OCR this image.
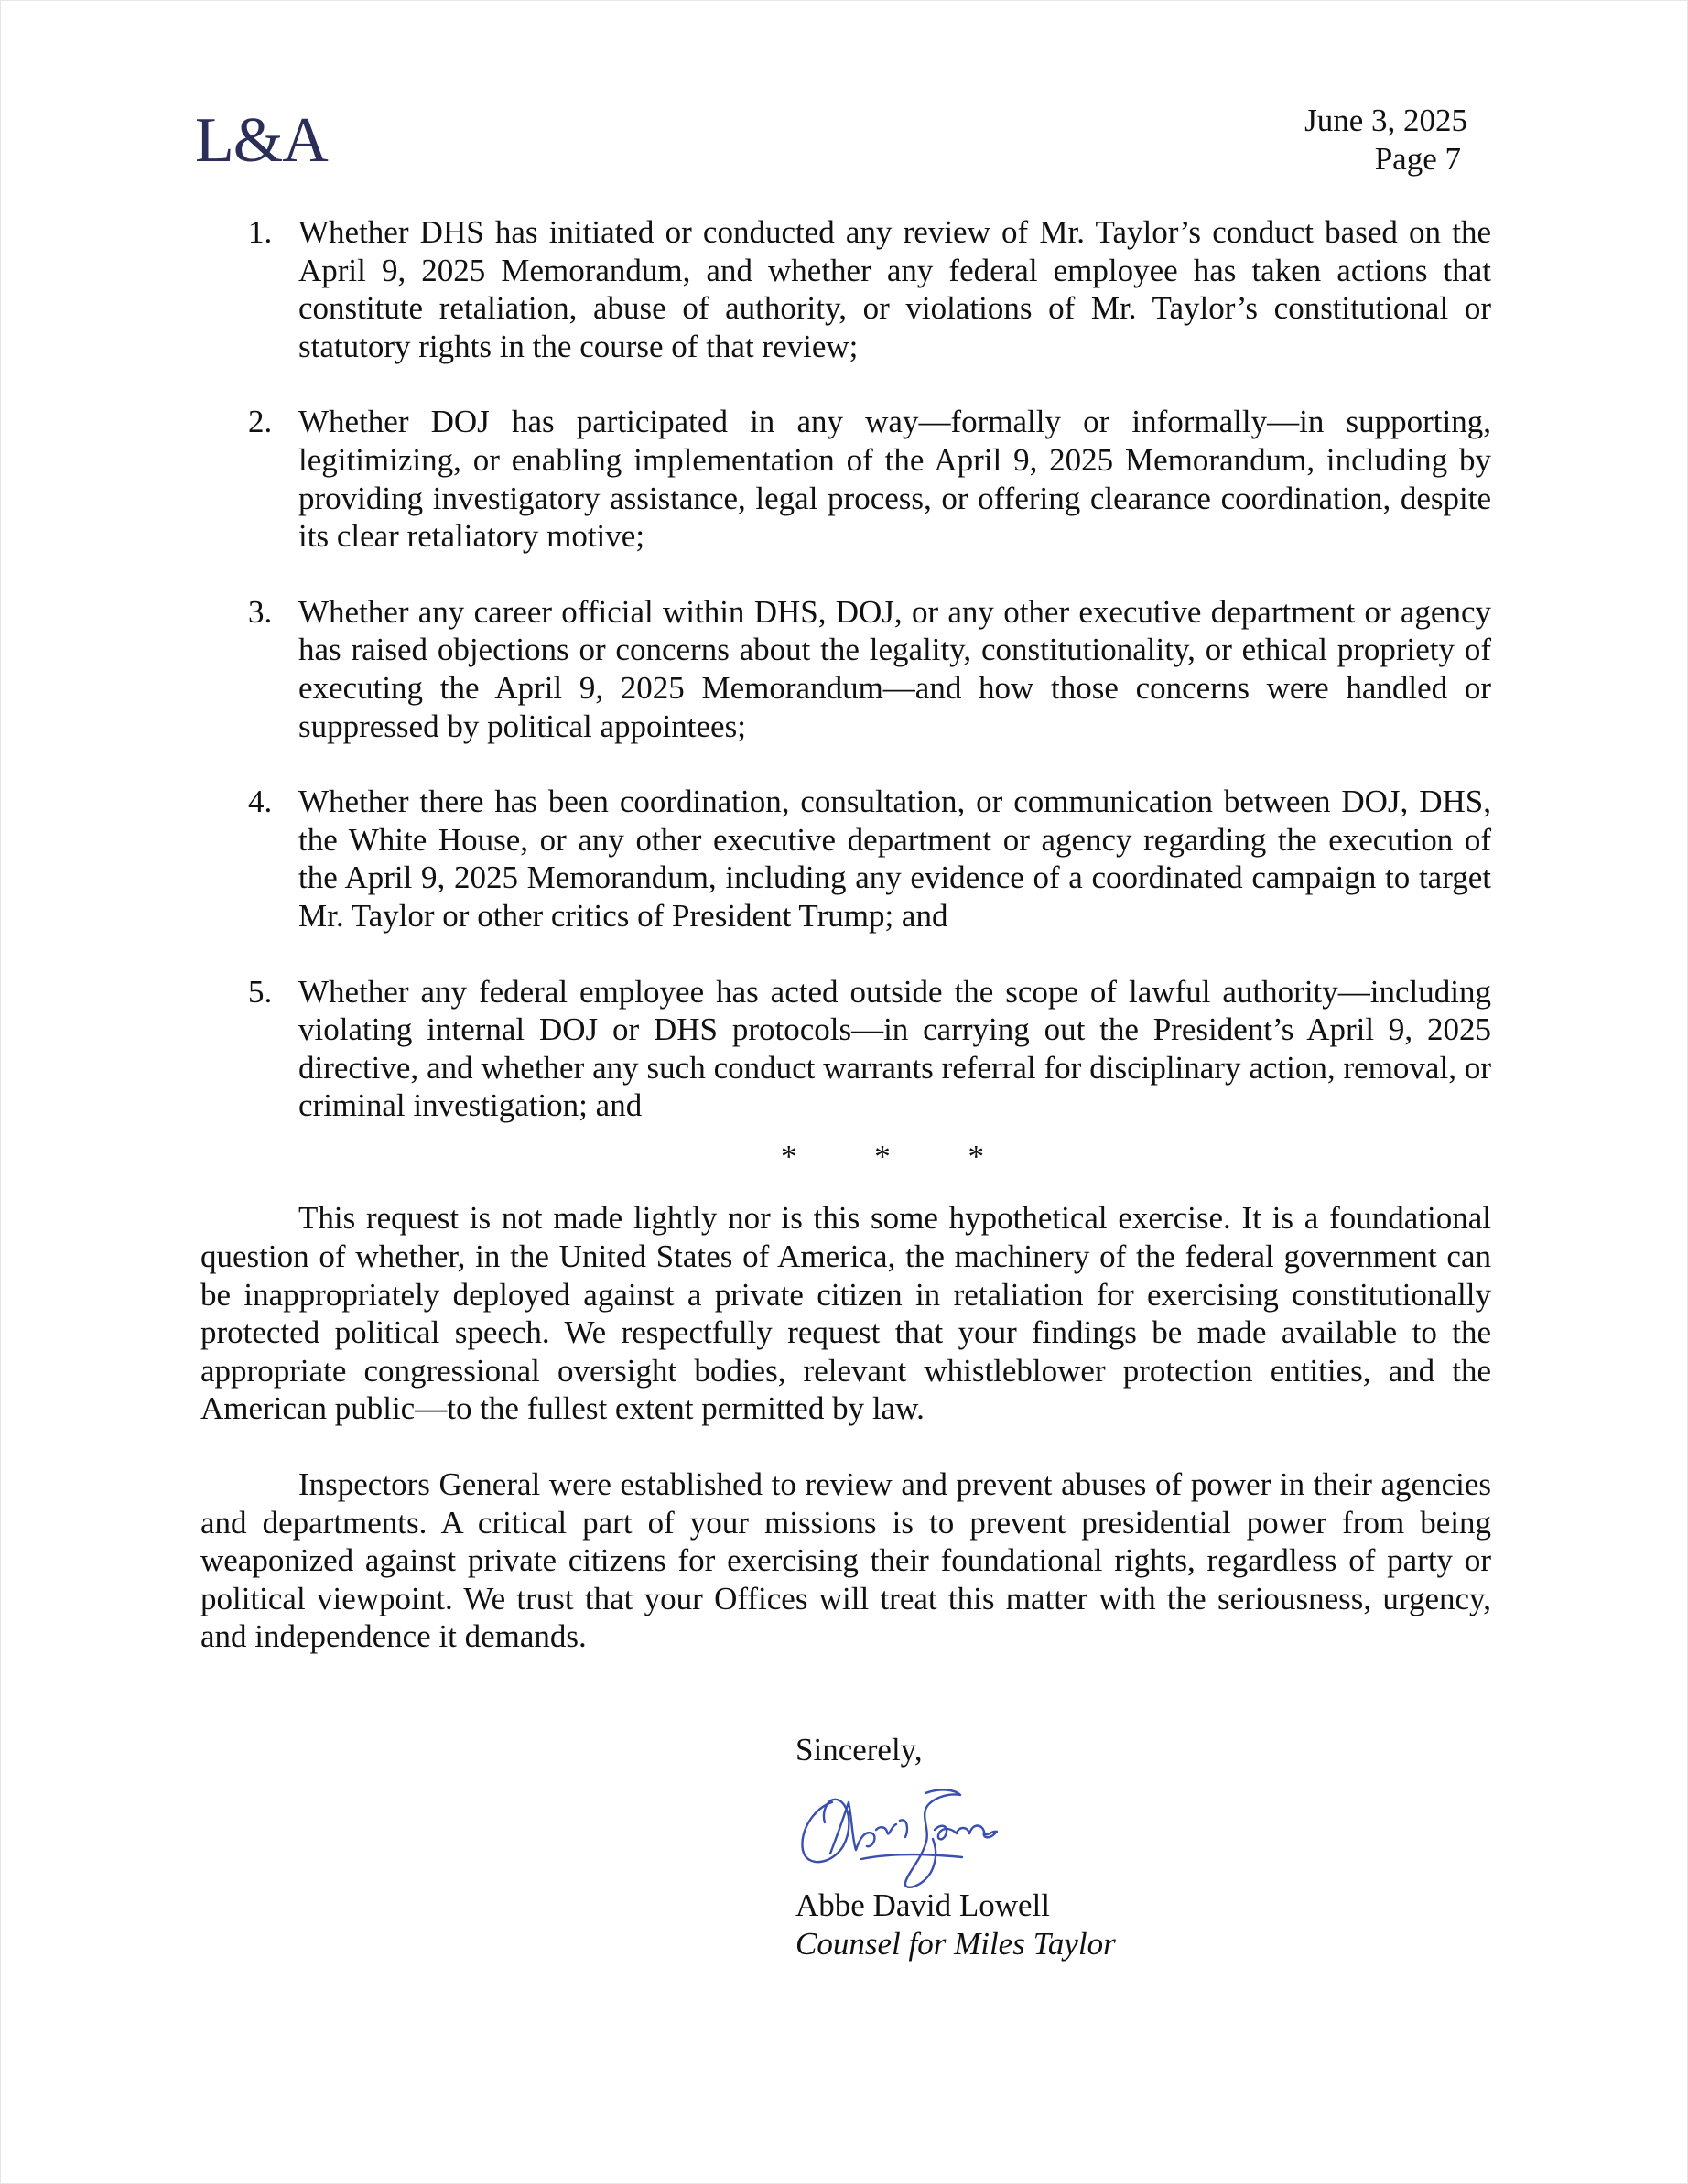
L&A	June 3, 2025
Page 7
1. Whether DHS has initiated or conducted any review of Mr. Taylor’s conduct based on the April 9, 2025 Memorandum, and whether any federal employee has taken actions that constitute retaliation, abuse of authority, or violations of Mr. Taylor’s constitutional or statutory rights in the course of that review;
2. Whether DOJ has participated in any way—formally or informally—in supporting, legitimizing, or enabling implementation of the April 9, 2025 Memorandum, including by providing investigatory assistance, legal process, or offering clearance coordination, despite its clear retaliatory motive;
3. Whether any career official within DHS, DOJ, or any other executive department or agency has raised objections or concerns about the legality, constitutionality, or ethical propriety of executing the April 9, 2025 Memorandum—and how those concerns were handled or suppressed by political appointees;
4. Whether there has been coordination, consultation, or communication between DOJ, DHS, the White House, or any other executive department or agency regarding the execution of the April 9, 2025 Memorandum, including any evidence of a coordinated campaign to target Mr. Taylor or other critics of President Trump; and
5. Whether any federal employee has acted outside the scope of lawful authority—including violating internal DOJ or DHS protocols—in carrying out the President’s April 9, 2025 directive, and whether any such conduct warrants referral for disciplinary action, removal, or criminal investigation; and
* * *

This request is not made lightly nor is this some hypothetical exercise. It is a foundational question of whether, in the United States of America, the machinery of the federal government can be inappropriately deployed against a private citizen in retaliation for exercising constitutionally protected political speech. We respectfully request that your findings be made available to the appropriate congressional oversight bodies, relevant whistleblower protection entities, and the American public—to the fullest extent permitted by law.

Inspectors General were established to review and prevent abuses of power in their agencies and departments. A critical part of your missions is to prevent presidential power from being weaponized against private citizens for exercising their foundational rights, regardless of party or political viewpoint. We trust that your Offices will treat this matter with the seriousness, urgency, and independence it demands.

Sincerely,
Abbe David Lowell
Counsel for Miles Taylor
